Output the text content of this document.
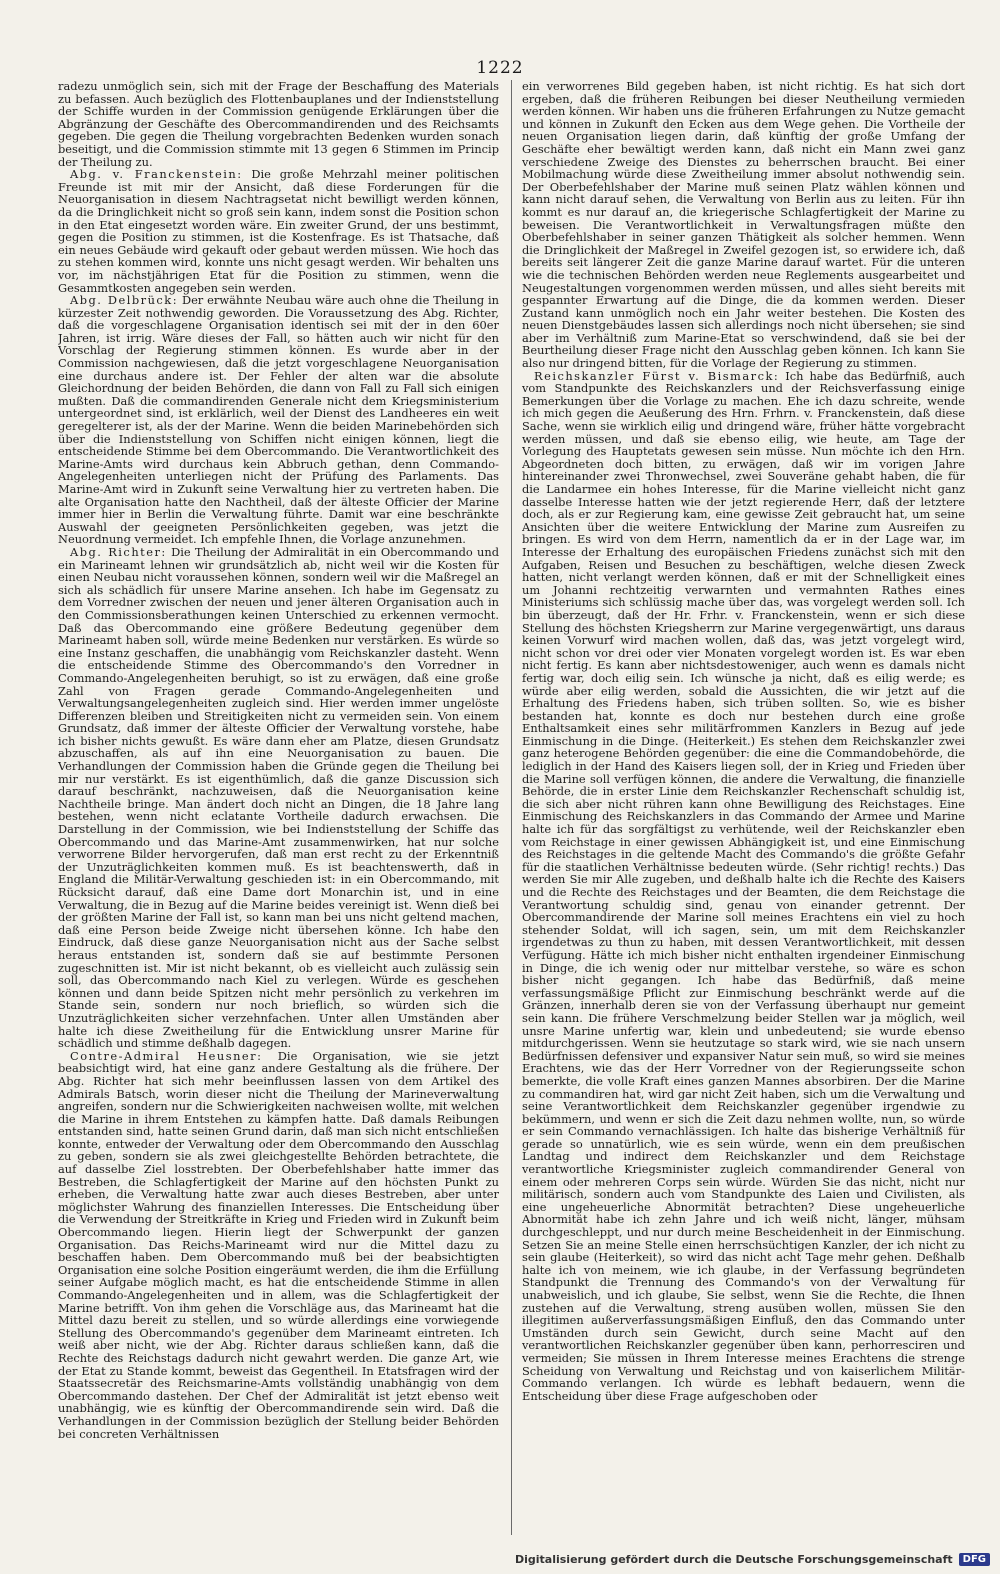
1222

radezu unmöglich sein, sich mit der Frage der Beschaffung des Materials zu befassen. Auch bezüglich des Flottenbauplanes und der Indienststellung der Schiffe wurden in der Commission genügende Erklärungen über die Abgränzung der Geschäfte des Obercommandirenden und des Reichsamts gegeben. Die gegen die Theilung vorgebrachten Bedenken wurden sonach beseitigt, und die Commission stimmte mit 13 gegen 6 Stimmen im Princip der Theilung zu.

Abg. v. Franckenstein: Die große Mehrzahl meiner politischen Freunde ist mit mir der Ansicht, daß diese Forderungen für die Neuorganisation in diesem Nachtragsetat nicht bewilligt werden können, da die Dringlichkeit nicht so groß sein kann, indem sonst die Position schon in den Etat eingesetzt worden wäre. Ein zweiter Grund, der uns bestimmt, gegen die Position zu stimmen, ist die Kostenfrage. Es ist Thatsache, daß ein neues Gebäude wird gekauft oder gebaut werden müssen. Wie hoch das zu stehen kommen wird, konnte uns nicht gesagt werden. Wir behalten uns vor, im nächstjährigen Etat für die Position zu stimmen, wenn die Gesammtkosten angegeben sein werden.

Abg. Delbrück: Der erwähnte Neubau wäre auch ohne die Theilung in kürzester Zeit nothwendig geworden. Die Voraussetzung des Abg. Richter, daß die vorgeschlagene Organisation identisch sei mit der in den 60er Jahren, ist irrig. Wäre dieses der Fall, so hätten auch wir nicht für den Vorschlag der Regierung stimmen können. Es wurde aber in der Commission nachgewiesen, daß die jetzt vorgeschlagene Neuorganisation eine durchaus andere ist. Der Fehler der alten war die absolute Gleichordnung der beiden Behörden, die dann von Fall zu Fall sich einigen mußten. Daß die commandirenden Generale nicht dem Kriegsministerium untergeordnet sind, ist erklärlich, weil der Dienst des Landheeres ein weit geregelterer ist, als der der Marine. Wenn die beiden Marinebehörden sich über die Indienststellung von Schiffen nicht einigen können, liegt die entscheidende Stimme bei dem Obercommando. Die Verantwortlichkeit des Marine-Amts wird durchaus kein Abbruch gethan, denn Commando-Angelegenheiten unterliegen nicht der Prüfung des Parlaments. Das Marine-Amt wird in Zukunft seine Verwaltung hier zu vertreten haben. Die alte Organisation hatte den Nachtheil, daß der älteste Officier der Marine immer hier in Berlin die Verwaltung führte. Damit war eine beschränkte Auswahl der geeigneten Persönlichkeiten gegeben, was jetzt die Neuordnung vermeidet. Ich empfehle Ihnen, die Vorlage anzunehmen.

Abg. Richter: Die Theilung der Admiralität in ein Obercommando und ein Marineamt lehnen wir grundsätzlich ab, nicht weil wir die Kosten für einen Neubau nicht voraussehen können, sondern weil wir die Maßregel an sich als schädlich für unsere Marine ansehen. Ich habe im Gegensatz zu dem Vorredner zwischen der neuen und jener älteren Organisation auch in den Commissionsberathungen keinen Unterschied zu erkennen vermocht. Daß das Obercommando eine größere Bedeutung gegenüber dem Marineamt haben soll, würde meine Bedenken nur verstärken. Es würde so eine Instanz geschaffen, die unabhängig vom Reichskanzler dasteht. Wenn die entscheidende Stimme des Obercommando's den Vorredner in Commando-Angelegenheiten beruhigt, so ist zu erwägen, daß eine große Zahl von Fragen gerade Commando-Angelegenheiten und Verwaltungsangelegenheiten zugleich sind. Hier werden immer ungelöste Differenzen bleiben und Streitigkeiten nicht zu vermeiden sein. Von einem Grundsatz, daß immer der älteste Officier der Verwaltung vorstehe, habe ich bisher nichts gewußt. Es wäre dann eher am Platze, diesen Grundsatz abzuschaffen, als auf ihn eine Neuorganisation zu bauen. Die Verhandlungen der Commission haben die Gründe gegen die Theilung bei mir nur verstärkt. Es ist eigenthümlich, daß die ganze Discussion sich darauf beschränkt, nachzuweisen, daß die Neuorganisation keine Nachtheile bringe. Man ändert doch nicht an Dingen, die 18 Jahre lang bestehen, wenn nicht eclatante Vortheile dadurch erwachsen. Die Darstellung in der Commission, wie bei Indienststellung der Schiffe das Obercommando und das Marine-Amt zusammenwirken, hat nur solche verworrene Bilder hervorgerufen, daß man erst recht zu der Erkenntniß der Unzuträglichkeiten kommen muß. Es ist beachtenswerth, daß in England die Militär-Verwaltung geschieden ist: in ein Obercommando, mit Rücksicht darauf, daß eine Dame dort Monarchin ist, und in eine Verwaltung, die in Bezug auf die Marine beides vereinigt ist. Wenn dieß bei der größten Marine der Fall ist, so kann man bei uns nicht geltend machen, daß eine Person beide Zweige nicht übersehen könne. Ich habe den Eindruck, daß diese ganze Neuorganisation nicht aus der Sache selbst heraus entstanden ist, sondern daß sie auf bestimmte Personen zugeschnitten ist. Mir ist nicht bekannt, ob es vielleicht auch zulässig sein soll, das Obercommando nach Kiel zu verlegen. Würde es geschehen können und dann beide Spitzen nicht mehr persönlich zu verkehren im Stande sein, sondern nur noch brieflich, so würden sich die Unzuträglichkeiten sicher verzehnfachen. Unter allen Umständen aber halte ich diese Zweitheilung für die Entwicklung unsrer Marine für schädlich und stimme deßhalb dagegen.

Contre-Admiral Heusner: Die Organisation, wie sie jetzt beabsichtigt wird, hat eine ganz andere Gestaltung als die frühere. Der Abg. Richter hat sich mehr beeinflussen lassen von dem Artikel des Admirals Batsch, worin dieser nicht die Theilung der Marineverwaltung angreifen, sondern nur die Schwierigkeiten nachweisen wollte, mit welchen die Marine in ihrem Entstehen zu kämpfen hatte. Daß damals Reibungen entstanden sind, hatte seinen Grund darin, daß man sich nicht entschließen konnte, entweder der Verwaltung oder dem Obercommando den Ausschlag zu geben, sondern sie als zwei gleichgestellte Behörden betrachtete, die auf dasselbe Ziel losstrebten. Der Oberbefehlshaber hatte immer das Bestreben, die Schlagfertigkeit der Marine auf den höchsten Punkt zu erheben, die Verwaltung hatte zwar auch dieses Bestreben, aber unter möglichster Wahrung des finanziellen Interesses. Die Entscheidung über die Verwendung der Streitkräfte in Krieg und Frieden wird in Zukunft beim Obercommando liegen. Hierin liegt der Schwerpunkt der ganzen Organisation. Das Reichs-Marineamt wird nur die Mittel dazu zu beschaffen haben. Dem Obercommando muß bei der beabsichtigten Organisation eine solche Position eingeräumt werden, die ihm die Erfüllung seiner Aufgabe möglich macht, es hat die entscheidende Stimme in allen Commando-Angelegenheiten und in allem, was die Schlagfertigkeit der Marine betrifft. Von ihm gehen die Vorschläge aus, das Marineamt hat die Mittel dazu bereit zu stellen, und so würde allerdings eine vorwiegende Stellung des Obercommando's gegenüber dem Marineamt eintreten. Ich weiß aber nicht, wie der Abg. Richter daraus schließen kann, daß die Rechte des Reichstags dadurch nicht gewahrt werden. Die ganze Art, wie der Etat zu Stande kommt, beweist das Gegentheil. In Etatsfragen wird der Staatssecretär des Reichsmarine-Amts vollständig unabhängig von dem Obercommando dastehen. Der Chef der Admiralität ist jetzt ebenso weit unabhängig, wie es künftig der Obercommandirende sein wird. Daß die Verhandlungen in der Commission bezüglich der Stellung beider Behörden bei concreten Verhältnissen

ein verworrenes Bild gegeben haben, ist nicht richtig. Es hat sich dort ergeben, daß die früheren Reibungen bei dieser Neutheilung vermieden werden können. Wir haben uns die früheren Erfahrungen zu Nutze gemacht und können in Zukunft den Ecken aus dem Wege gehen. Die Vortheile der neuen Organisation liegen darin, daß künftig der große Umfang der Geschäfte eher bewältigt werden kann, daß nicht ein Mann zwei ganz verschiedene Zweige des Dienstes zu beherrschen braucht. Bei einer Mobilmachung würde diese Zweitheilung immer absolut nothwendig sein. Der Oberbefehlshaber der Marine muß seinen Platz wählen können und kann nicht darauf sehen, die Verwaltung von Berlin aus zu leiten. Für ihn kommt es nur darauf an, die kriegerische Schlagfertigkeit der Marine zu beweisen. Die Verantwortlichkeit in Verwaltungsfragen müßte den Oberbefehlshaber in seiner ganzen Thätigkeit als solcher hemmen. Wenn die Dringlichkeit der Maßregel in Zweifel gezogen ist, so erwidere ich, daß bereits seit längerer Zeit die ganze Marine darauf wartet. Für die unteren wie die technischen Behörden werden neue Reglements ausgearbeitet und Neugestaltungen vorgenommen werden müssen, und alles sieht bereits mit gespannter Erwartung auf die Dinge, die da kommen werden. Dieser Zustand kann unmöglich noch ein Jahr weiter bestehen. Die Kosten des neuen Dienstgebäudes lassen sich allerdings noch nicht übersehen; sie sind aber im Verhältniß zum Marine-Etat so verschwindend, daß sie bei der Beurtheilung dieser Frage nicht den Ausschlag geben können. Ich kann Sie also nur dringend bitten, für die Vorlage der Regierung zu stimmen.

Reichskanzler Fürst v. Bismarck: Ich habe das Bedürfniß, auch vom Standpunkte des Reichskanzlers und der Reichsverfassung einige Bemerkungen über die Vorlage zu machen. Ehe ich dazu schreite, wende ich mich gegen die Aeußerung des Hrn. Frhrn. v. Franckenstein, daß diese Sache, wenn sie wirklich eilig und dringend wäre, früher hätte vorgebracht werden müssen, und daß sie ebenso eilig, wie heute, am Tage der Vorlegung des Hauptetats gewesen sein müsse. Nun möchte ich den Hrn. Abgeordneten doch bitten, zu erwägen, daß wir im vorigen Jahre hintereinander zwei Thronwechsel, zwei Souveräne gehabt haben, die für die Landarmee ein hohes Interesse, für die Marine vielleicht nicht ganz dasselbe Interesse hatten wie der jetzt regierende Herr, daß der letztere doch, als er zur Regierung kam, eine gewisse Zeit gebraucht hat, um seine Ansichten über die weitere Entwicklung der Marine zum Ausreifen zu bringen. Es wird von dem Herrn, namentlich da er in der Lage war, im Interesse der Erhaltung des europäischen Friedens zunächst sich mit den Aufgaben, Reisen und Besuchen zu beschäftigen, welche diesen Zweck hatten, nicht verlangt werden können, daß er mit der Schnelligkeit eines um Johanni rechtzeitig verwarnten und vermahnten Rathes eines Ministeriums sich schlüssig mache über das, was vorgelegt werden soll. Ich bin überzeugt, daß der Hr. Frhr. v. Franckenstein, wenn er sich diese Stellung des höchsten Kriegsherrn zur Marine vergegenwärtigt, uns daraus keinen Vorwurf wird machen wollen, daß das, was jetzt vorgelegt wird, nicht schon vor drei oder vier Monaten vorgelegt worden ist. Es war eben nicht fertig. Es kann aber nichtsdestoweniger, auch wenn es damals nicht fertig war, doch eilig sein. Ich wünsche ja nicht, daß es eilig werde; es würde aber eilig werden, sobald die Aussichten, die wir jetzt auf die Erhaltung des Friedens haben, sich trüben sollten. So, wie es bisher bestanden hat, konnte es doch nur bestehen durch eine große Enthaltsamkeit eines sehr militärfrommen Kanzlers in Bezug auf jede Einmischung in die Dinge. (Heiterkeit.) Es stehen dem Reichskanzler zwei ganz heterogene Behörden gegenüber: die eine die Commandobehörde, die lediglich in der Hand des Kaisers liegen soll, der in Krieg und Frieden über die Marine soll verfügen können, die andere die Verwaltung, die finanzielle Behörde, die in erster Linie dem Reichskanzler Rechenschaft schuldig ist, die sich aber nicht rühren kann ohne Bewilligung des Reichstages. Eine Einmischung des Reichskanzlers in das Commando der Armee und Marine halte ich für das sorgfältigst zu verhütende, weil der Reichskanzler eben vom Reichstage in einer gewissen Abhängigkeit ist, und eine Einmischung des Reichstages in die geltende Macht des Commando's die größte Gefahr für die staatlichen Verhältnisse bedeuten würde. (Sehr richtig! rechts.) Das werden Sie mir Alle zugeben, und deßhalb halte ich die Rechte des Kaisers und die Rechte des Reichstages und der Beamten, die dem Reichstage die Verantwortung schuldig sind, genau von einander getrennt. Der Obercommandirende der Marine soll meines Erachtens ein viel zu hoch stehender Soldat, will ich sagen, sein, um mit dem Reichskanzler irgendetwas zu thun zu haben, mit dessen Verantwortlichkeit, mit dessen Verfügung. Hätte ich mich bisher nicht enthalten irgendeiner Einmischung in Dinge, die ich wenig oder nur mittelbar verstehe, so wäre es schon bisher nicht gegangen. Ich habe das Bedürfniß, daß meine verfassungsmäßige Pflicht zur Einmischung beschränkt werde auf die Gränzen, innerhalb deren sie von der Verfassung überhaupt nur gemeint sein kann. Die frühere Verschmelzung beider Stellen war ja möglich, weil unsre Marine unfertig war, klein und unbedeutend; sie wurde ebenso mitdurchgerissen. Wenn sie heutzutage so stark wird, wie sie nach unsern Bedürfnissen defensiver und expansiver Natur sein muß, so wird sie meines Erachtens, wie das der Herr Vorredner von der Regierungsseite schon bemerkte, die volle Kraft eines ganzen Mannes absorbiren. Der die Marine zu commandiren hat, wird gar nicht Zeit haben, sich um die Verwaltung und seine Verantwortlichkeit dem Reichskanzler gegenüber irgendwie zu bekümmern, und wenn er sich die Zeit dazu nehmen wollte, nun, so würde er sein Commando vernachlässigen. Ich halte das bisherige Verhältniß für gerade so unnatürlich, wie es sein würde, wenn ein dem preußischen Landtag und indirect dem Reichskanzler und dem Reichstage verantwortliche Kriegsminister zugleich commandirender General von einem oder mehreren Corps sein würde. Würden Sie das nicht, nicht nur militärisch, sondern auch vom Standpunkte des Laien und Civilisten, als eine ungeheuerliche Abnormität betrachten? Diese ungeheuerliche Abnormität habe ich zehn Jahre und ich weiß nicht, länger, mühsam durchgeschleppt, und nur durch meine Bescheidenheit in der Einmischung. Setzen Sie an meine Stelle einen herrschsüchtigen Kanzler, der ich nicht zu sein glaube (Heiterkeit), so wird das nicht acht Tage mehr gehen. Deßhalb halte ich von meinem, wie ich glaube, in der Verfassung begründeten Standpunkt die Trennung des Commando's von der Verwaltung für unabweislich, und ich glaube, Sie selbst, wenn Sie die Rechte, die Ihnen zustehen auf die Verwaltung, streng ausüben wollen, müssen Sie den illegitimen außerverfassungsmäßigen Einfluß, den das Commando unter Umständen durch sein Gewicht, durch seine Macht auf den verantwortlichen Reichskanzler gegenüber üben kann, perhorresciren und vermeiden; Sie müssen in Ihrem Interesse meines Erachtens die strenge Scheidung von Verwaltung und Reichstag und von kaiserlichem Militär-Commando verlangen. Ich würde es lebhaft bedauern, wenn die Entscheidung über diese Frage aufgeschoben oder

Digitalisierung gefördert durch die Deutsche Forschungsgemeinschaft	DFG
